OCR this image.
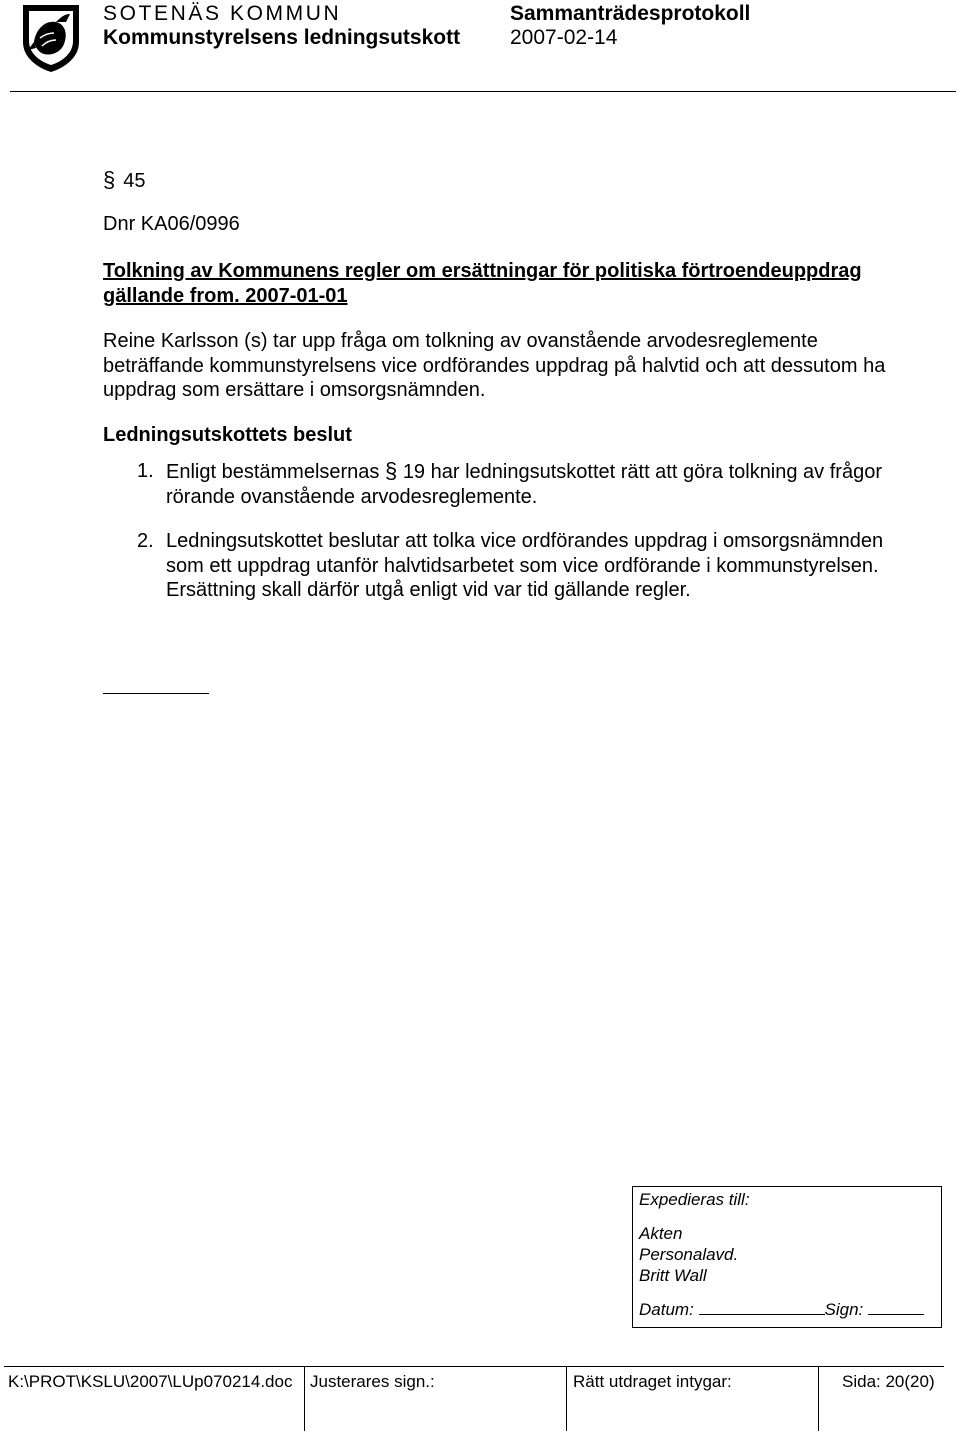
SOTENÄS KOMMUN	Sammanträdesprotokoll
Kommunstyrelsens ledningsutskott 2007-02-14
§ 45
Dnr KA06/0996
Tolkning av Kommunens regler om ersättningar för politiska förtroendeuppdrag gällande from. 2007-01-01
Reine Karlsson (s) tar upp fråga om tolkning av ovanstående arvodesreglemente beträffande kommunstyrelsens vice ordförandes uppdrag på halvtid och att dessutom ha uppdrag som ersättare i omsorgsnämnden.
Ledningsutskottets beslut
1. Enligt bestämmelsernas § 19 har ledningsutskottet rätt att göra tolkning av frågor rörande ovanstående arvodesreglemente.
2. Ledningsutskottet beslutar att tolka vice ordförandes uppdrag i omsorgsnämnden som ett uppdrag utanför halvtidsarbetet som vice ordförande i kommunstyrelsen. Ersättning skall därför utgå enligt vid var tid gällande regler.
Expedieras till:
Akten
Personalavd.
Britt Wall
Datum:	Sign:
K:\PROT\KSLU\2007\LUp070214.doc	Justerares sign.:	Rätt utdraget intygar:	Sida: 20(20)
